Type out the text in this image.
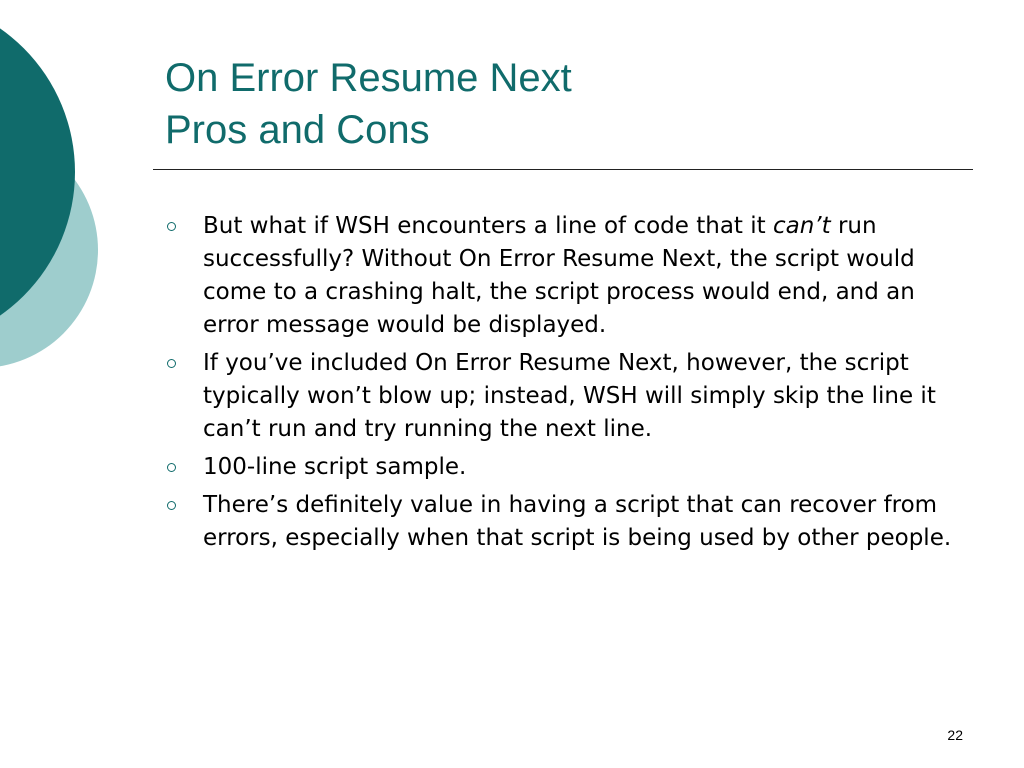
On Error Resume Next
Pros and Cons
But what if WSH encounters a line of code that it can’t run successfully? Without On Error Resume Next, the script would come to a crashing halt, the script process would end, and an error message would be displayed.
If you’ve included On Error Resume Next, however, the script typically won’t blow up; instead, WSH will simply skip the line it can’t run and try running the next line.
100-line script sample.
There’s definitely value in having a script that can recover from errors, especially when that script is being used by other people.
22
